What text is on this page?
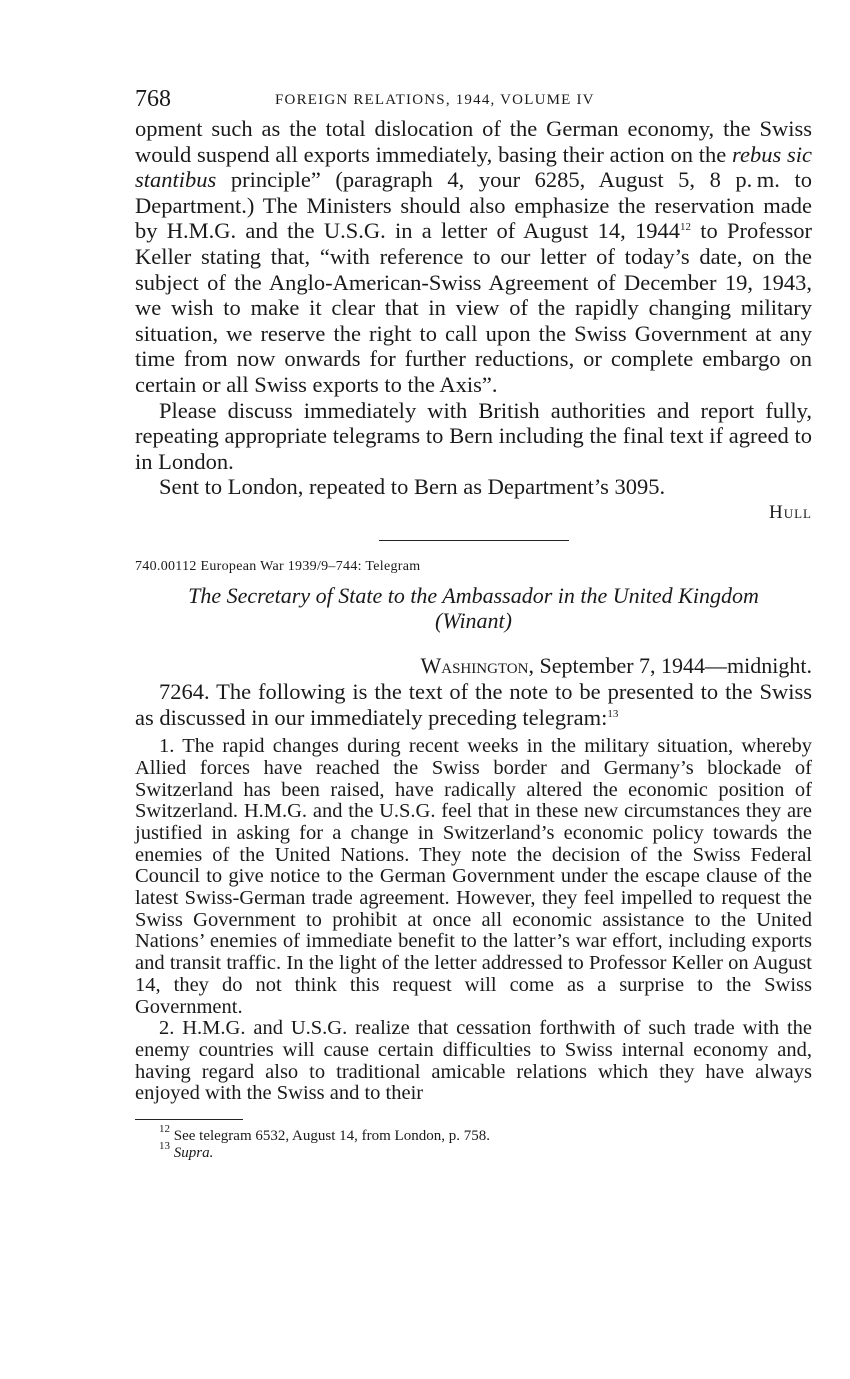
768	FOREIGN RELATIONS, 1944, VOLUME IV

opment such as the total dislocation of the German economy, the Swiss would suspend all exports immediately, basing their action on the rebus sic stantibus principle” (paragraph 4, your 6285, August 5, 8 p. m. to Department.) The Ministers should also emphasize the reservation made by H.M.G. and the U.S.G. in a letter of August 14, 1944$^{12}$ to Professor Keller stating that, “with reference to our letter of today’s date, on the subject of the Anglo-American-Swiss Agreement of December 19, 1943, we wish to make it clear that in view of the rapidly changing military situation, we reserve the right to call upon the Swiss Government at any time from now onwards for further reductions, or complete embargo on certain or all Swiss exports to the Axis”.

Please discuss immediately with British authorities and report fully, repeating appropriate telegrams to Bern including the final text if agreed to in London.

Sent to London, repeated to Bern as Department’s 3095.

Hull
740.00112 European War 1939/9–744: Telegram
The Secretary of State to the Ambassador in the United Kingdom
(Winant)
Washington, September 7, 1944—midnight.

7264. The following is the text of the note to be presented to the Swiss as discussed in our immediately preceding telegram:$^{13}$

1. The rapid changes during recent weeks in the military situation, whereby Allied forces have reached the Swiss border and Germany’s blockade of Switzerland has been raised, have radically altered the economic position of Switzerland. H.M.G. and the U.S.G. feel that in these new circumstances they are justified in asking for a change in Switzerland’s economic policy towards the enemies of the United Nations. They note the decision of the Swiss Federal Council to give notice to the German Government under the escape clause of the latest Swiss-German trade agreement. However, they feel impelled to request the Swiss Government to prohibit at once all economic assistance to the United Nations’ enemies of immediate benefit to the latter’s war effort, including exports and transit traffic. In the light of the letter addressed to Professor Keller on August 14, they do not think this request will come as a surprise to the Swiss Government.

2. H.M.G. and U.S.G. realize that cessation forthwith of such trade with the enemy countries will cause certain difficulties to Swiss internal economy and, having regard also to traditional amicable relations which they have always enjoyed with the Swiss and to their

$^{12}$ See telegram 6532, August 14, from London, p. 758.
$^{13}$ Supra.
